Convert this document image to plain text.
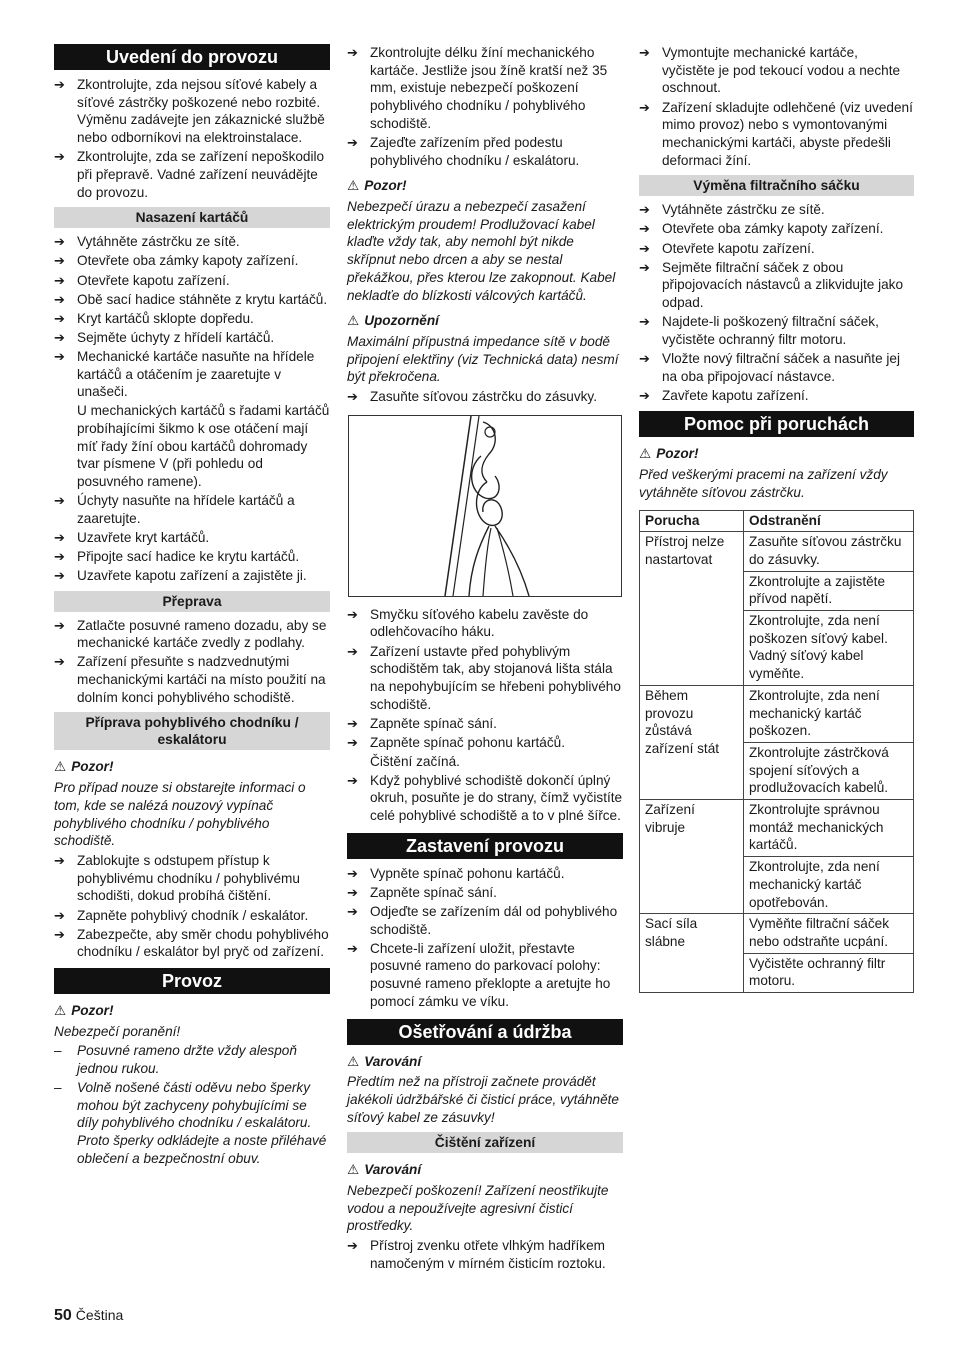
Uvedení do provozu
➔ Zkontrolujte, zda nejsou síťové kabely a síťové zástrčky poškozené nebo rozbité. Výměnu zadávejte jen zákaznické službě nebo odborníkovi na elektroinstalace.
➔ Zkontrolujte, zda se zařízení nepoškodilo při přepravě. Vadné zařízení neuvádějte do provozu.
Nasazení kartáčů
➔ Vytáhněte zástrčku ze sítě.
➔ Otevřete oba zámky kapoty zařízení.
➔ Otevřete kapotu zařízení.
➔ Obě sací hadice stáhněte z krytu kartáčů.
➔ Kryt kartáčů sklopte dopředu.
➔ Sejměte úchyty z hřídelí kartáčů.
➔ Mechanické kartáče nasuňte na hřídele kartáčů a otáčením je zaaretujte v unašeči.
U mechanických kartáčů s řadami kartáčů probíhajícími šikmo k ose otáčení mají míť řady žíní obou kartáčů dohromady tvar písmene V (při pohledu od posuvného ramene).
➔ Úchyty nasuňte na hřídele kartáčů a zaaretujte.
➔ Uzavřete kryt kartáčů.
➔ Připojte sací hadice ke krytu kartáčů.
➔ Uzavřete kapotu zařízení a zajistěte ji.
Přeprava
➔ Zatlačte posuvné rameno dozadu, aby se mechanické kartáče zvedly z podlahy.
➔ Zařízení přesuňte s nadzvednutými mechanickými kartáči na místo použití na dolním konci pohyblivého schodiště.
Příprava pohyblivého chodníku / eskalátoru
⚠ Pozor!
Pro případ nouze si obstarejte informaci o tom, kde se nalézá nouzový vypínač pohyblivého chodníku / pohyblivého schodiště.
➔ Zablokujte s odstupem přístup k pohyblivému chodníku / pohyblivému schodišti, dokud probíhá čištění.
➔ Zapněte pohyblivý chodník / eskalátor.
➔ Zabezpečte, aby směr chodu pohyblivého chodníku / eskalátor byl pryč od zařízení.
Provoz
⚠ Pozor!
Nebezpečí poranění!
–	Posuvné rameno držte vždy alespoň jednou rukou.
–	Volně nošené části oděvu nebo šperky mohou být zachyceny pohybujícími se díly pohyblivého chodníku / eskalátoru. Proto šperky odkládejte a noste přiléhavé oblečení a bezpečnostní obuv.
➔ Zkontrolujte délku žíní mechanického kartáče. Jestliže jsou žíně kratší než 35 mm, existuje nebezpečí poškození pohyblivého chodníku / pohyblivého schodiště.
➔ Zajeďte zařízením před podestu pohyblivého chodníku / eskalátoru.
⚠ Pozor!
Nebezpečí úrazu a nebezpečí zasažení elektrickým proudem! Prodlužovací kabel klaďte vždy tak, aby nemohl být nikde skřípnut nebo drcen a aby se nestal překážkou, přes kterou lze zakopnout. Kabel nekladťe do blízkosti válcových kartáčů.
⚠ Upozornění
Maximální přípustná impedance sítě v bodě připojení elektřiny (viz Technická data) nesmí být překročena.
➔ Zasuňte síťovou zástrčku do zásuvky.
➔ Smyčku síťového kabelu zavěste do odlehčovacího háku.
➔ Zařízení ustavte před pohyblivým schodištěm tak, aby stojanová lišta stála na nepohybujícím se hřebeni pohyblivého schodiště.
➔ Zapněte spínač sání.
➔ Zapněte spínač pohonu kartáčů.
Čištění začíná.
➔ Když pohyblivé schodiště dokončí úplný okruh, posuňte je do strany, čímž vyčistíte celé pohyblivé schodiště a to v plné šířce.
Zastavení provozu
➔ Vypněte spínač pohonu kartáčů.
➔ Zapněte spínač sání.
➔ Odjeďte se zařízením dál od pohyblivého schodiště.
➔ Chcete-li zařízení uložit, přestavte posuvné rameno do parkovací polohy: posuvné rameno překlopte a aretujte ho pomocí zámku ve víku.
Ošetřování a údržba
⚠ Varování
Předtím než na přístroji začnete provádět jakékoli údržbářské či čisticí práce, vytáhněte síťový kabel ze zásuvky!
Čištění zařízení
⚠ Varování
Nebezpečí poškození! Zařízení neostřikujte vodou a nepoužívejte agresivní čisticí prostředky.
➔ Přístroj zvenku otřete vlhkým hadříkem namočeným v mírném čisticím roztoku.
➔ Vymontujte mechanické kartáče, vyčistěte je pod tekoucí vodou a nechte oschnout.
➔ Zařízení skladujte odlehčené (viz uvedení mimo provoz) nebo s vymontovanými mechanickými kartáči, abyste předešli deformaci žíní.
Výměna filtračního sáčku
➔ Vytáhněte zástrčku ze sítě.
➔ Otevřete oba zámky kapoty zařízení.
➔ Otevřete kapotu zařízení.
➔ Sejměte filtrační sáček z obou připojovacích nástavců a zlikvidujte jako odpad.
➔ Najdete-li poškozený filtrační sáček, vyčistěte ochranný filtr motoru.
➔ Vložte nový filtrační sáček a nasuňte jej na oba připojovací nástavce.
➔ Zavřete kapotu zařízení.
Pomoc při poruchách
⚠ Pozor!
Před veškerými pracemi na zařízení vždy vytáhněte síťovou zástrčku.
Porucha	Odstranění
Přístroj nelze nastartovat	Zasuňte síťovou zástrčku do zásuvky.
	Zkontrolujte a zajistěte přívod napětí.
	Zkontrolujte, zda není poškozen síťový kabel. Vadný síťový kabel vyměňte.
Během provozu zůstává zařízení stát	Zkontrolujte, zda není mechanický kartáč poškozen.
	Zkontrolujte zástrčková spojení síťových a prodlužovacích kabelů.
Zařízení vibruje	Zkontrolujte správnou montáž mechanických kartáčů.
	Zkontrolujte, zda není mechanický kartáč opotřebován.
Sací síla slábne	Vyměňte filtrační sáček nebo odstraňte ucpání.
	Vyčistěte ochranný filtr motoru.
50 Čeština
